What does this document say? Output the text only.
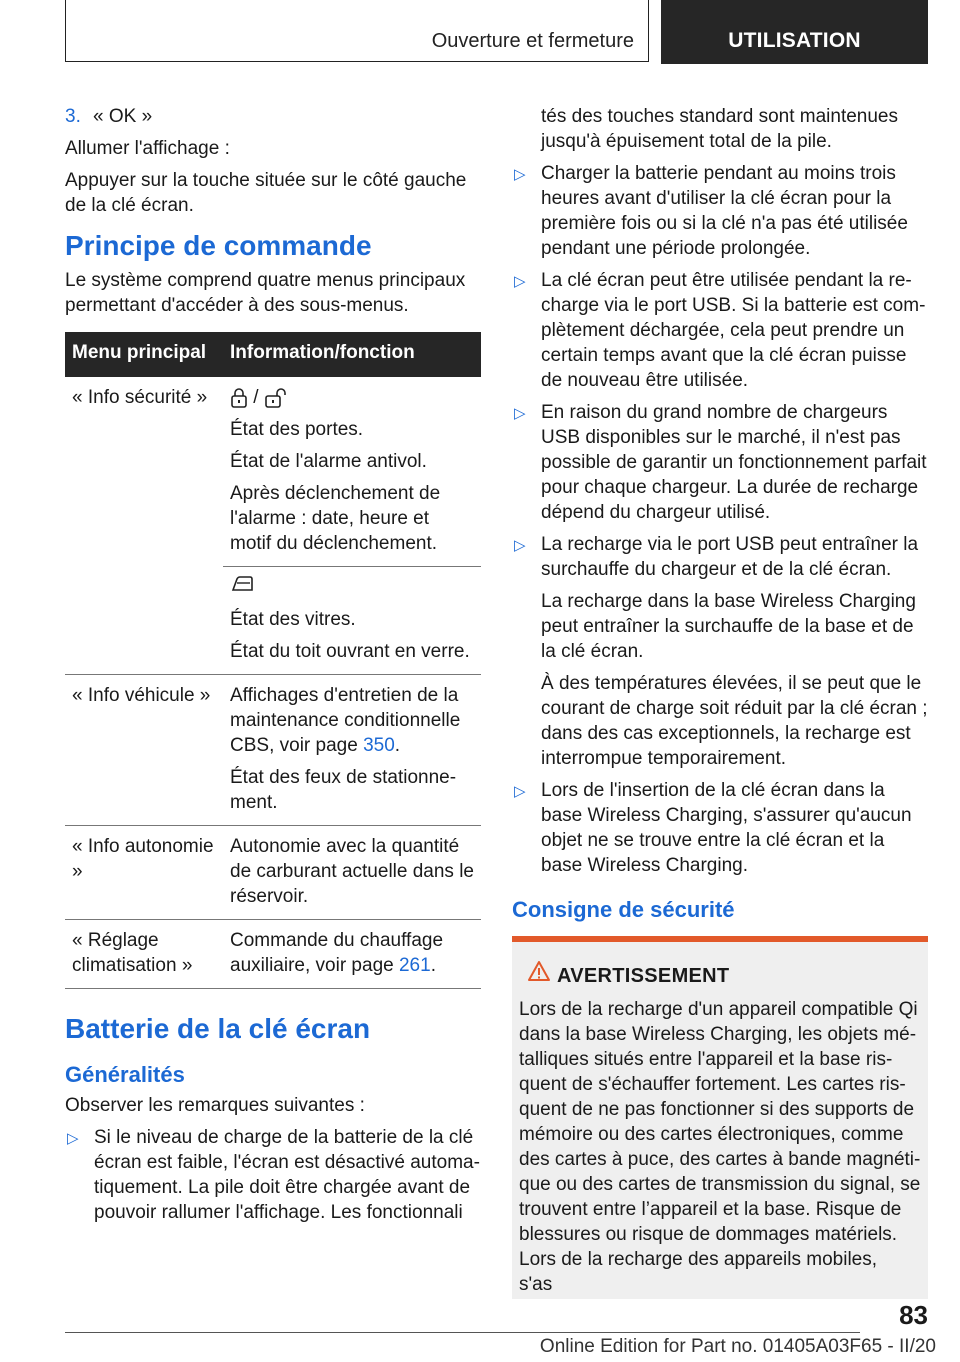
Ouverture et fermeture	UTILISATION

3. « OK »

Allumer l'affichage :

Appuyer sur la touche située sur le côté gauche de la clé écran.

Principe de commande

Le système comprend quatre menus principaux permettant d'accéder à des sous-menus.

Menu principal	Information/fonction
« Info sécurité »	/

État des portes.

État de l'alarme antivol.

Après déclenchement de l'alarme : date, heure et motif du déclenchement.

	État des vitres.

État du toit ouvrant en verre.

« Info véhicule »	Affichages d'entretien de la maintenance conditionnelle CBS, voir page 350.

État des feux de stationnement.

« Info autonomie »	Autonomie avec la quantité de carburant actuelle dans le réservoir.
« Réglage climatisation »	Commande du chauffage auxiliaire, voir page 261.
Batterie de la clé écran
Généralités

Observer les remarques suivantes :

▷ Si le niveau de charge de la batterie de la clé écran est faible, l'écran est désactivé automatiquement. La pile doit être chargée avant de pouvoir rallumer l'affichage. Les fonctionnali
tés des touches standard sont maintenues jusqu'à épuisement total de la pile.
▷ Charger la batterie pendant au moins trois heures avant d'utiliser la clé écran pour la première fois ou si la clé n'a pas été utilisée pendant une période prolongée.
▷ La clé écran peut être utilisée pendant la recharge via le port USB. Si la batterie est complètement déchargée, cela peut prendre un certain temps avant que la clé écran puisse de nouveau être utilisée.
▷ En raison du grand nombre de chargeurs USB disponibles sur le marché, il n'est pas possible de garantir un fonctionnement parfait pour chaque chargeur. La durée de recharge dépend du chargeur utilisé.
▷ La recharge via le port USB peut entraîner la surchauffe du chargeur et de la clé écran.

La recharge dans la base Wireless Charging peut entraîner la surchauffe de la base et de la clé écran.

À des températures élevées, il se peut que le courant de charge soit réduit par la clé écran ; dans des cas exceptionnels, la recharge est interrompue temporairement.

▷ Lors de l'insertion de la clé écran dans la base Wireless Charging, s'assurer qu'aucun objet ne se trouve entre la clé écran et la base Wireless Charging.
Consigne de sécurité
AVERTISSEMENT
Lors de la recharge d'un appareil compatible Qi dans la base Wireless Charging, les objets métalliques situés entre l'appareil et la base risquent de s'échauffer fortement. Les cartes risquent de ne pas fonctionner si des supports de mémoire ou des cartes électroniques, comme des cartes à puce, des cartes à bande magnétique ou des cartes de transmission du signal, se trouvent entre l’appareil et la base. Risque de blessures ou risque de dommages matériels. Lors de la recharge des appareils mobiles, s'as
83
Online Edition for Part no. 01405A03F65 - II/20
